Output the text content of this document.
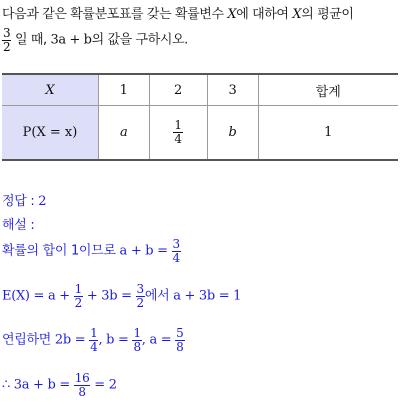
다음과 같은 확률분포표를 갖는 확률변수 X에 대하여 X의 평균이
$\frac{3}{2}$ 일 때, 3a + b의 값을 구하시오.
X	1	2	3	합계
P(X = x)	a	$\frac{1}{4}$	b	1
정답 : 2
해설 :
확률의 합이 1이므로 $a + b = \frac{3}{4}$
$E(X) = a + \frac{1}{2} + 3b = \frac{3}{2}$ 에서 a + 3b = 1
연립하면 $2b = \frac{1}{4}$ , $b = \frac{1}{8}$ , $a = \frac{5}{8}$
∴ $3a + b = \frac{16}{8} = 2$
